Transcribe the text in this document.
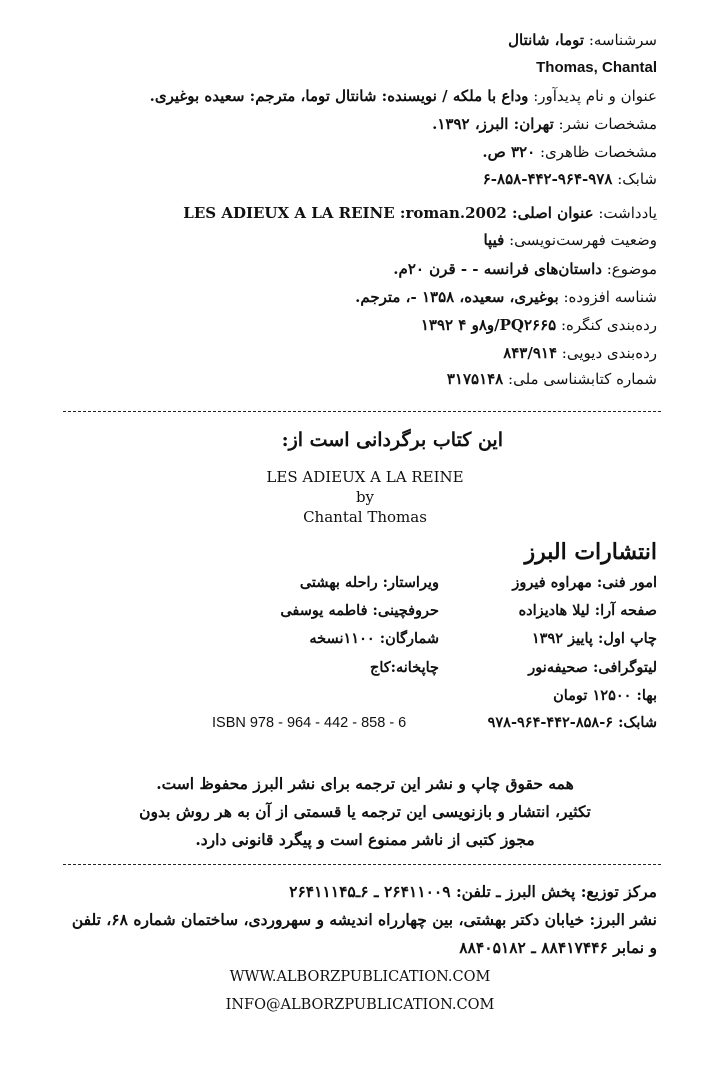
سرشناسه: توما، شانتال
Thomas, Chantal
عنوان و نام پدیدآور: وداع با ملکه / نویسنده: شانتال توما، مترجم: سعیده بوغیری.
مشخصات نشر: تهران: البرز، ۱۳۹۲.
مشخصات ظاهری: ۳۲۰ ص.
شابک: ۹۷۸-۹۶۴-۴۴۲-۸۵۸-۶
یادداشت: عنوان اصلی: LES ADIEUX A LA REINE :roman.2002
وضعیت فهرست‌نویسی: فیپا
موضوع: داستان‌های فرانسه - - قرن ۲۰م.
شناسه افزوده: بوغیری، سعیده، ۱۳۵۸ -، مترجم.
رده‌بندی کنگره: PQ۲۶۶۵/و۸و ۴ ۱۳۹۲
رده‌بندی دیویی: ۸۴۳/۹۱۴
شماره کتابشناسی ملی: ۳۱۷۵۱۴۸
این کتاب برگردانی است از:
LES ADIEUX A LA REINE
by
Chantal Thomas
انتشارات البرز
امور فنی: مهراوه فیروز
صفحه آرا: لیلا هادیزاده
چاپ اول: پاییز ۱۳۹۲
لیتوگرافی: صحیفه‌نور
ویراستار: راحله بهشتی
حروفچینی: فاطمه یوسفی
شمارگان: ۱۱۰۰نسخه
چاپخانه:کاج
بها: ۱۲۵۰۰ تومان
شابک: ۶-۸۵۸-۴۴۲-۹۶۴-۹۷۸
ISBN 978 - 964 - 442 - 858 - 6
همه حقوق چاپ و نشر این ترجمه برای نشر البرز محفوظ است.
تکثیر، انتشار و بازنویسی این ترجمه یا قسمتی از آن به هر روش بدون
مجوز کتبی از ناشر ممنوع است و پیگرد قانونی دارد.
مرکز توزیع: پخش البرز ـ تلفن: ۲۶۴۱۱۰۰۹ ـ ۶ـ۲۶۴۱۱۱۴۵
نشر البرز: خیابان دکتر بهشتی، بین چهارراه اندیشه و سهروردی، ساختمان شماره ۶۸، تلفن
و نمابر ۸۸۴۱۷۴۴۶ ـ ۸۸۴۰۵۱۸۲
WWW.ALBORZPUBLICATION.COM
INFO@ALBORZPUBLICATION.COM
